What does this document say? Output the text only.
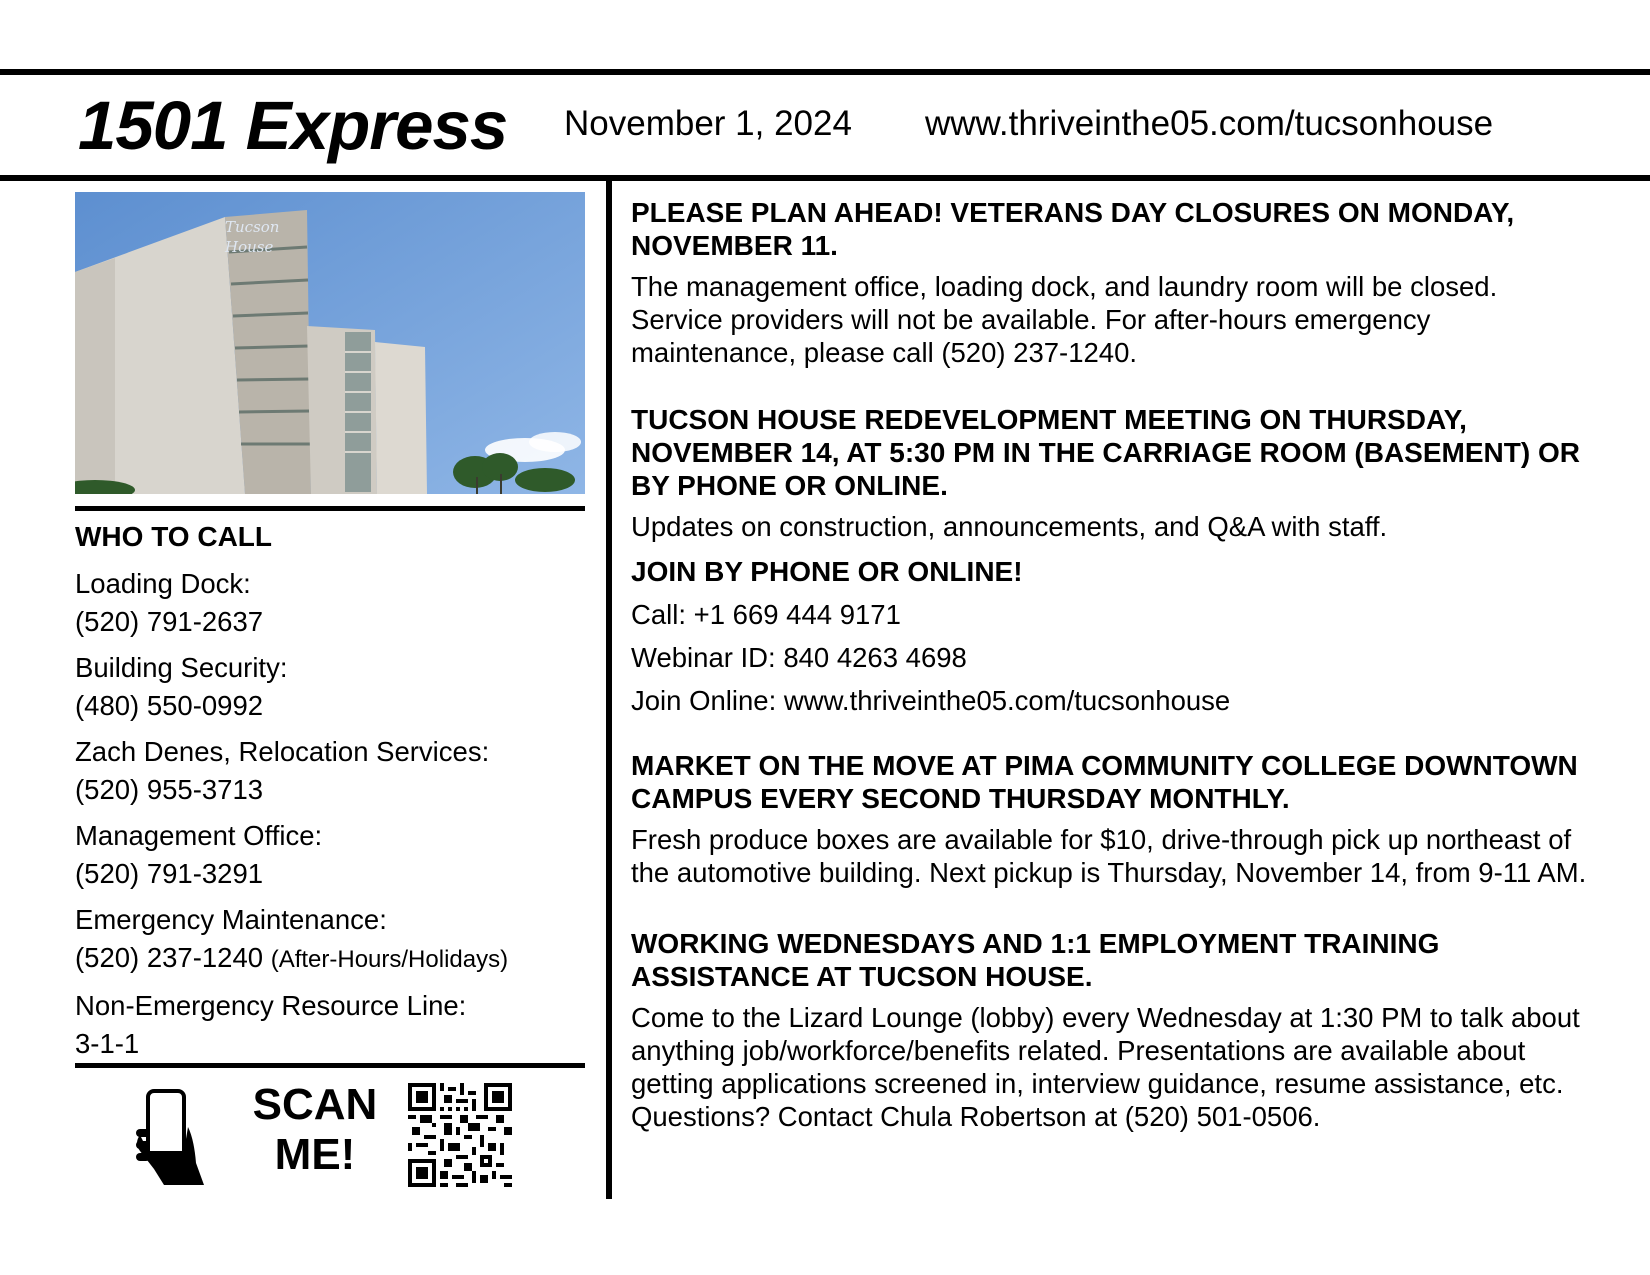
1501 Express November 1, 2024 www.thriveinthe05.com/tucsonhouse
Tucson
House
WHO TO CALL
Loading Dock:
(520) 791-2637
Building Security:
(480) 550-0992
Zach Denes, Relocation Services:
(520) 955-3713
Management Office:
(520) 791-3291
Emergency Maintenance:
(520) 237-1240 (After-Hours/Holidays)
Non-Emergency Resource Line:
3-1-1
SCAN
ME!
PLEASE PLAN AHEAD! VETERANS DAY CLOSURES ON MONDAY, NOVEMBER 11.

The management office, loading dock, and laundry room will be closed. Service providers will not be available. For after-hours emergency maintenance, please call (520) 237-1240.

TUCSON HOUSE REDEVELOPMENT MEETING ON THURSDAY, NOVEMBER 14, AT 5:30 PM IN THE CARRIAGE ROOM (BASEMENT) OR BY PHONE OR ONLINE.

Updates on construction, announcements, and Q&A with staff.

JOIN BY PHONE OR ONLINE!
Call: +1 669 444 9171
Webinar ID: 840 4263 4698
Join Online: www.thriveinthe05.com/tucsonhouse
MARKET ON THE MOVE AT PIMA COMMUNITY COLLEGE DOWNTOWN CAMPUS EVERY SECOND THURSDAY MONTHLY.

Fresh produce boxes are available for $10, drive-through pick up northeast of the automotive building. Next pickup is Thursday, November 14, from 9-11 AM.

WORKING WEDNESDAYS AND 1:1 EMPLOYMENT TRAINING ASSISTANCE AT TUCSON HOUSE.

Come to the Lizard Lounge (lobby) every Wednesday at 1:30 PM to talk about anything job/workforce/benefits related. Presentations are available about getting applications screened in, interview guidance, resume assistance, etc. Questions? Contact Chula Robertson at (520) 501-0506.
